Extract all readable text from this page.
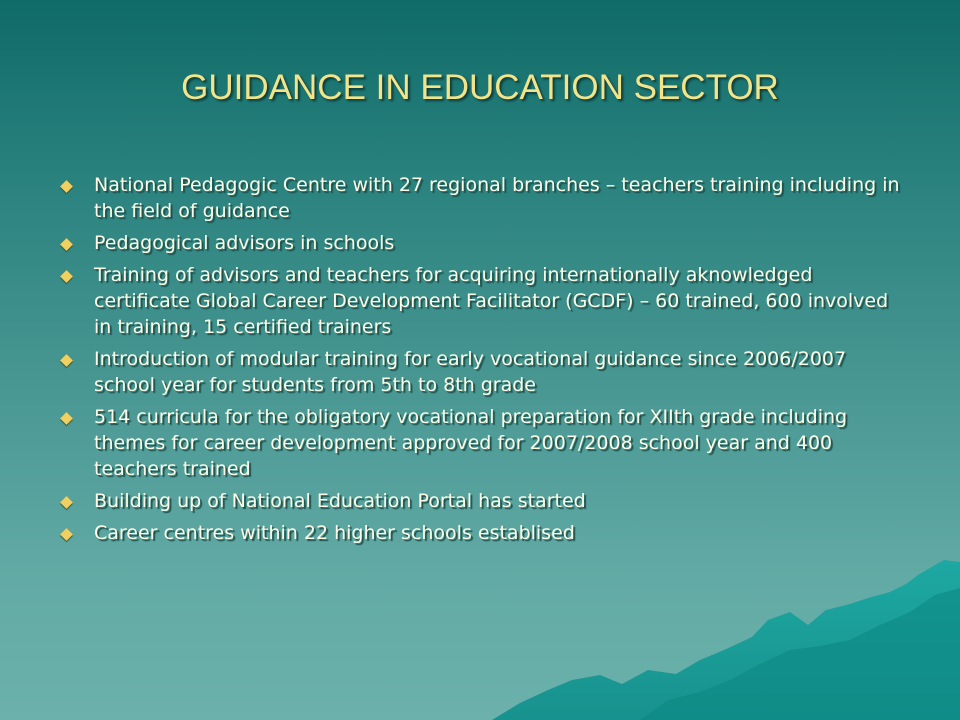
GUIDANCE IN EDUCATION SECTOR
National Pedagogic Centre with 27 regional branches – teachers training including in the field of guidance
Pedagogical advisors in schools
Training of advisors and teachers for acquiring internationally aknowledged certificate Global Career Development Facilitator (GCDF) – 60 trained, 600 involved in training, 15 certified trainers
Introduction of modular training for early vocational guidance since 2006/2007 school year for students from 5th to 8th grade
514 curricula for the obligatory vocational preparation for XIIth grade including themes for career development approved for 2007/2008 school year and 400 teachers trained
Building up of National Education Portal has started
Career centres within 22 higher schools establised
